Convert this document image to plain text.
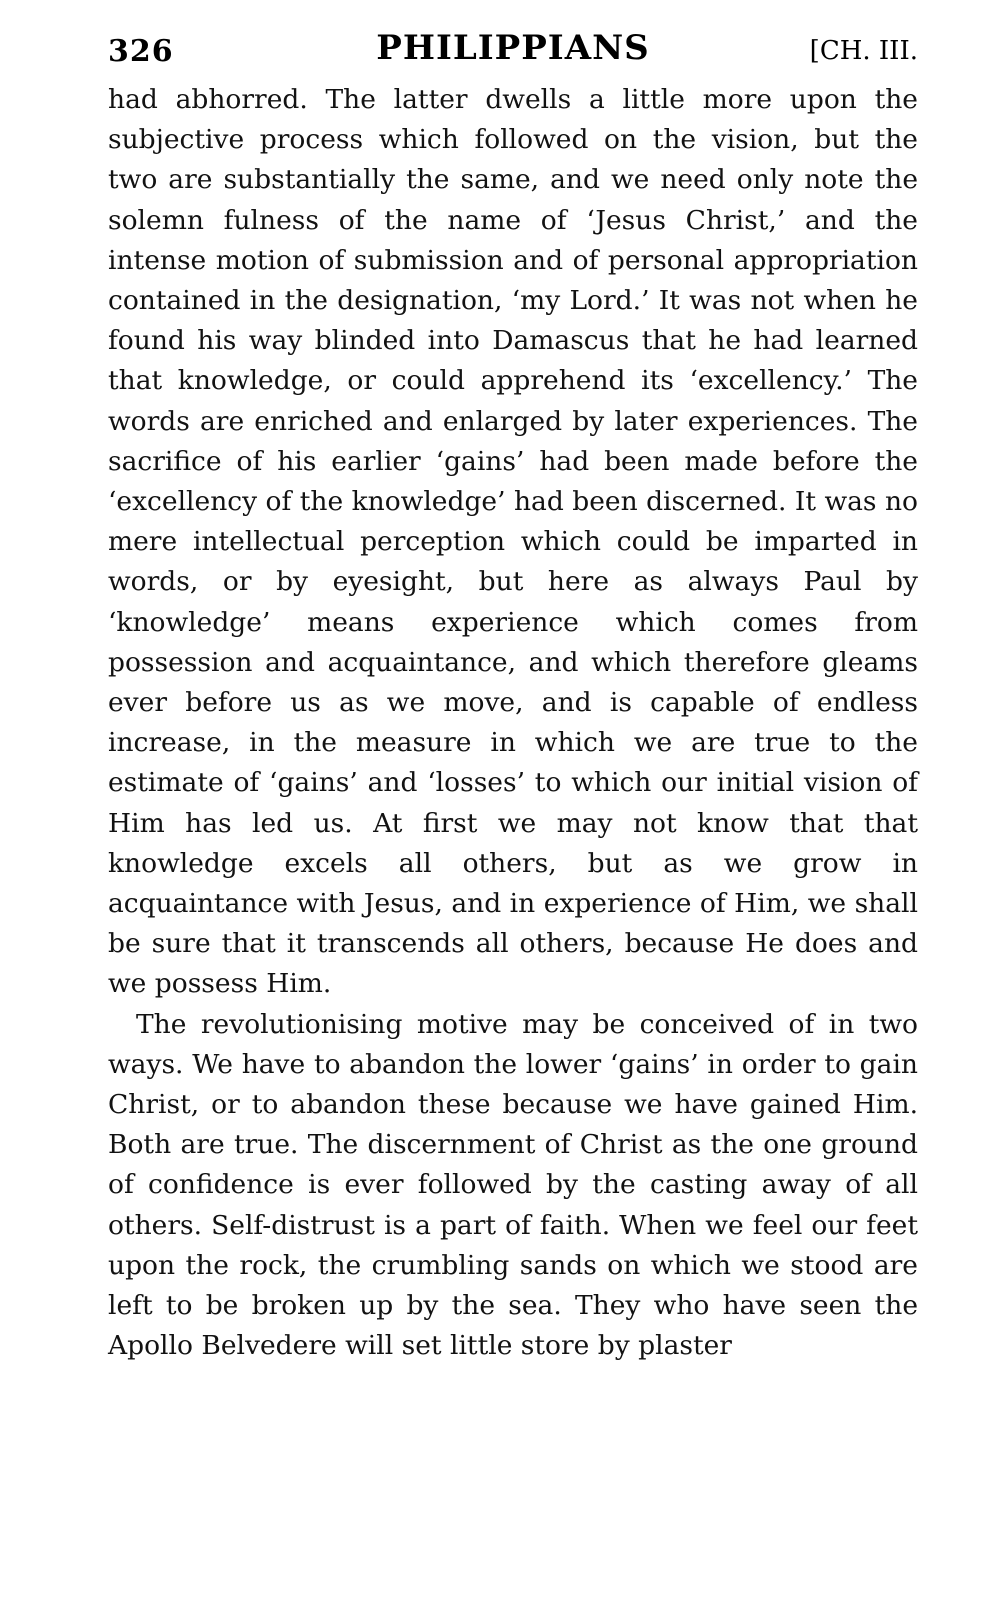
326	PHILIPPIANS	[CH. III.

had abhorred. The latter dwells a little more upon the subjective process which followed on the vision, but the two are substantially the same, and we need only note the solemn fulness of the name of ‘Jesus Christ,’ and the intense motion of submission and of personal appropriation contained in the designation, ‘my Lord.’ It was not when he found his way blinded into Damascus that he had learned that knowledge, or could apprehend its ‘excellency.’ The words are enriched and enlarged by later experiences. The sacrifice of his earlier ‘gains’ had been made before the ‘excellency of the knowledge’ had been discerned. It was no mere intellectual perception which could be imparted in words, or by eyesight, but here as always Paul by ‘knowledge’ means experience which comes from possession and acquaintance, and which therefore gleams ever before us as we move, and is capable of endless increase, in the measure in which we are true to the estimate of ‘gains’ and ‘losses’ to which our initial vision of Him has led us. At first we may not know that that knowledge excels all others, but as we grow in acquaintance with Jesus, and in experience of Him, we shall be sure that it transcends all others, because He does and we possess Him.

The revolutionising motive may be conceived of in two ways. We have to abandon the lower ‘gains’ in order to gain Christ, or to abandon these because we have gained Him. Both are true. The discernment of Christ as the one ground of confidence is ever followed by the casting away of all others. Self-distrust is a part of faith. When we feel our feet upon the rock, the crumbling sands on which we stood are left to be broken up by the sea. They who have seen the Apollo Belvedere will set little store by plaster
